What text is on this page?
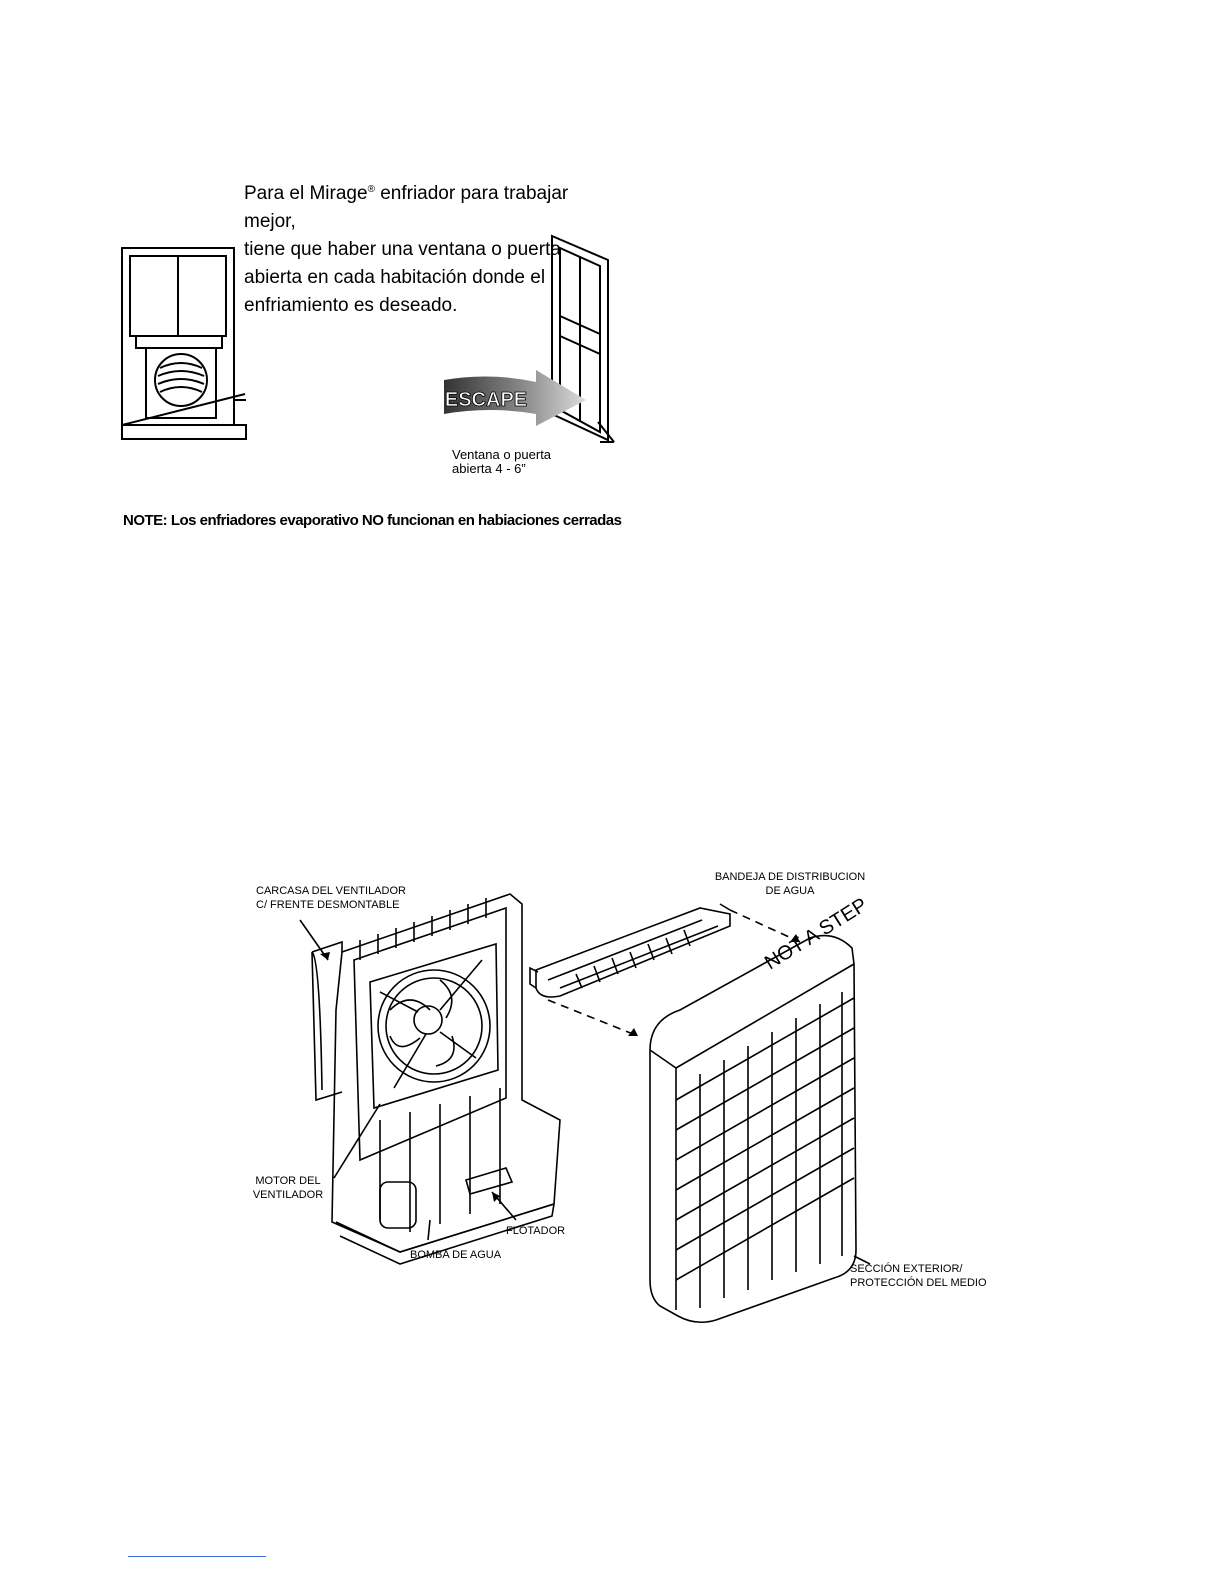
Para el Mirage® enfriador para trabajar mejor,
tiene que haber una ventana o puerta
abierta en cada habitación donde el
enfriamiento es deseado.
ESCAPE
Ventana o puerta
abierta 4 - 6”
NOTE: Los enfriadores evaporativo NO funcionan en habiaciones cerradas
NOT A STEP
CARCASA DEL VENTILADOR
C/ FRENTE DESMONTABLE
BANDEJA DE DISTRIBUCION
DE AGUA
MOTOR DEL
VENTILADOR
FLOTADOR
BOMBA DE AGUA
SECCIÓN EXTERIOR/
PROTECCIÓN DEL MEDIO
